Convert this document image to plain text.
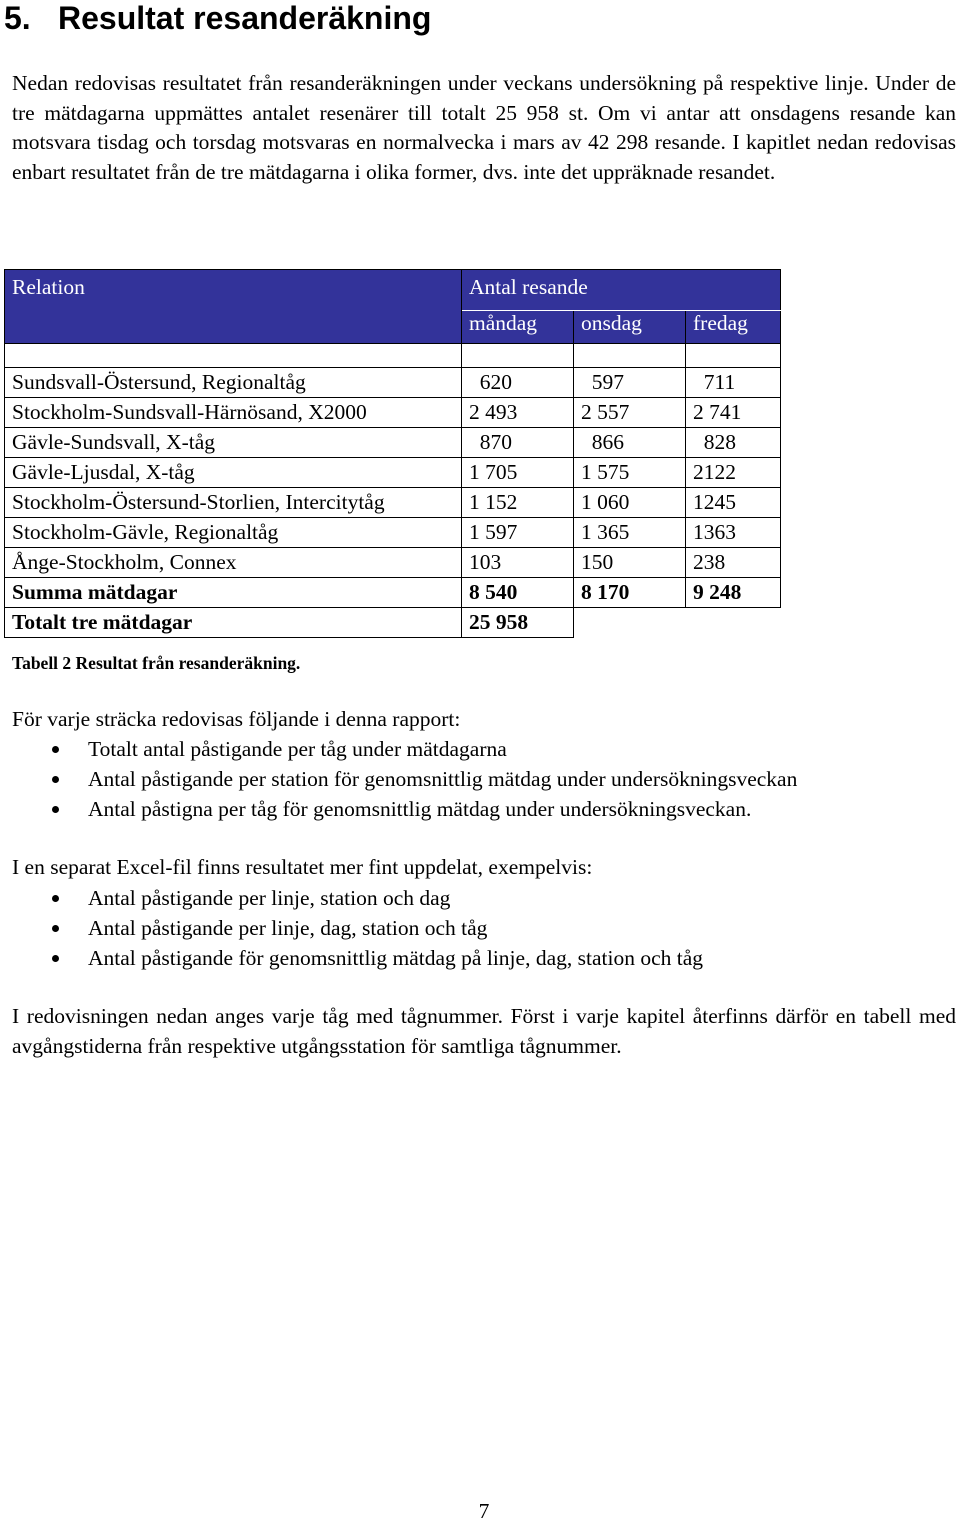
5. Resultat resanderäkning

Nedan redovisas resultatet från resanderäkningen under veckans undersökning på respektive linje. Under de tre mätdagarna uppmättes antalet resenärer till totalt 25 958 st. Om vi antar att onsdagens resande kan motsvara tisdag och torsdag motsvaras en normalvecka i mars av 42 298 resande. I kapitlet nedan redovisas enbart resultatet från de tre mätdagarna i olika former, dvs. inte det uppräknade resandet.

Relation	Antal resande		
	måndag	onsdag	fredag

Sundsvall-Östersund, Regionaltåg	620	597	711
Stockholm-Sundsvall-Härnösand, X2000	2 493	2 557	2 741
Gävle-Sundsvall, X-tåg	870	866	828
Gävle-Ljusdal, X-tåg	1 705	1 575	2122
Stockholm-Östersund-Storlien, Intercitytåg	1 152	1 060	1245
Stockholm-Gävle, Regionaltåg	1 597	1 365	1363
Ånge-Stockholm, Connex	103	150	238
Summa mätdagar	8 540	8 170	9 248
Totalt tre mätdagar	25 958		

Tabell 2 Resultat från resanderäkning.

För varje sträcka redovisas följande i denna rapport:

Totalt antal påstigande per tåg under mätdagarna
Antal påstigande per station för genomsnittlig mätdag under undersökningsveckan
Antal påstigna per tåg för genomsnittlig mätdag under undersökningsveckan.

I en separat Excel-fil finns resultatet mer fint uppdelat, exempelvis:

Antal påstigande per linje, station och dag
Antal påstigande per linje, dag, station och tåg
Antal påstigande för genomsnittlig mätdag på linje, dag, station och tåg

I redovisningen nedan anges varje tåg med tågnummer. Först i varje kapitel återfinns därför en tabell med avgångstiderna från respektive utgångsstation för samtliga tågnummer.

7
